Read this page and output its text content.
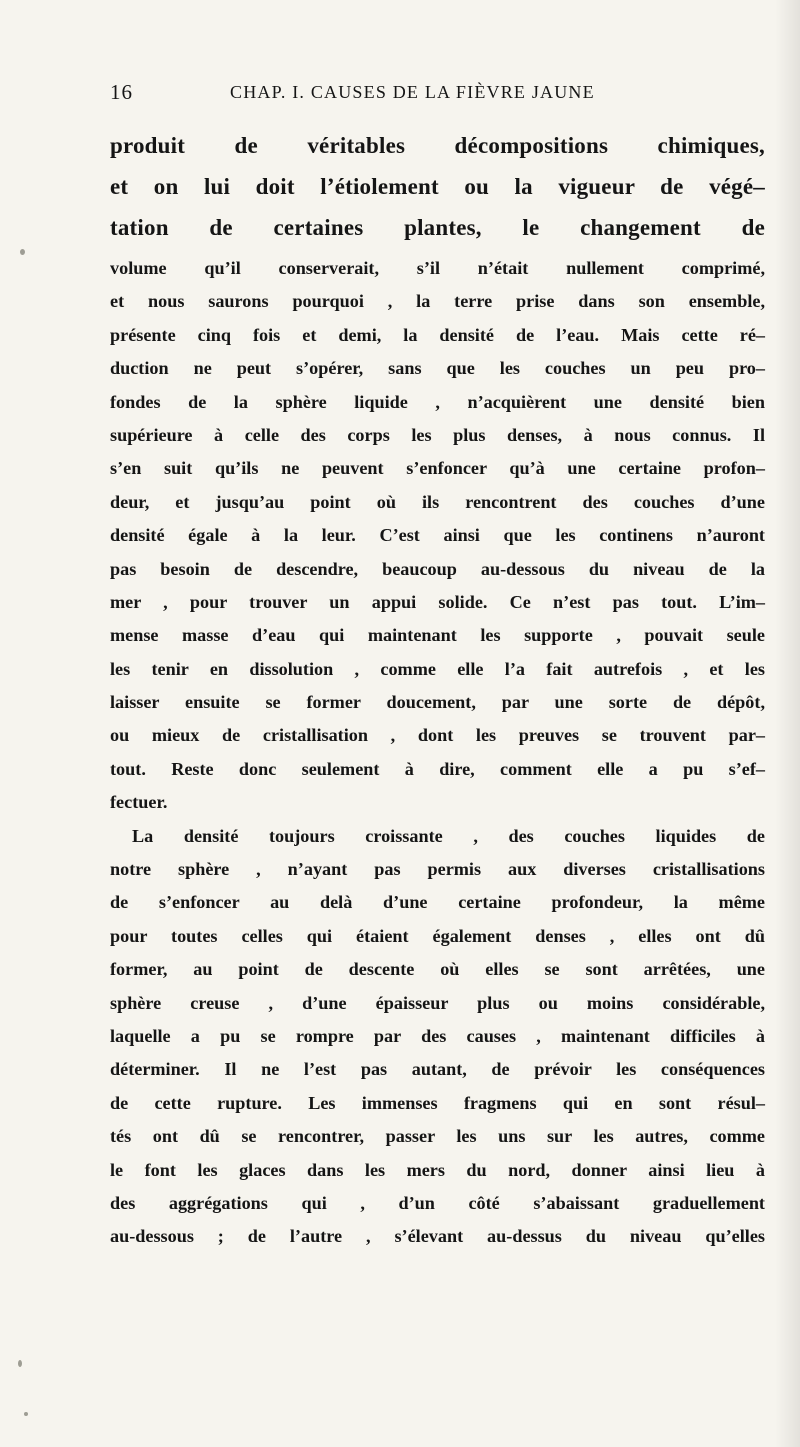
16	CHAP. I. CAUSES DE LA FIÈVRE JAUNE
produit de véritables décompositions chimiques,
et on lui doit l’étiolement ou la vigueur de végé–
tation de certaines plantes, le changement de
volume qu’il conserverait, s’il n’était nullement comprimé,
et nous saurons pourquoi , la terre prise dans son ensemble,
présente cinq fois et demi, la densité de l’eau. Mais cette ré–
duction ne peut s’opérer, sans que les couches un peu pro–
fondes de la sphère liquide , n’acquièrent une densité bien
supérieure à celle des corps les plus denses, à nous connus. Il
s’en suit qu’ils ne peuvent s’enfoncer qu’à une certaine profon–
deur, et jusqu’au point où ils rencontrent des couches d’une
densité égale à la leur. C’est ainsi que les continens n’auront
pas besoin de descendre, beaucoup au-dessous du niveau de la
mer , pour trouver un appui solide. Ce n’est pas tout. L’im–
mense masse d’eau qui maintenant les supporte , pouvait seule
les tenir en dissolution , comme elle l’a fait autrefois , et les
laisser ensuite se former doucement, par une sorte de dépôt,
ou mieux de cristallisation , dont les preuves se trouvent par–
tout. Reste donc seulement à dire, comment elle a pu s’ef–
fectuer.
La densité toujours croissante , des couches liquides de
notre sphère , n’ayant pas permis aux diverses cristallisations
de s’enfoncer au delà d’une certaine profondeur, la même
pour toutes celles qui étaient également denses , elles ont dû
former, au point de descente où elles se sont arrêtées, une
sphère creuse , d’une épaisseur plus ou moins considérable,
laquelle a pu se rompre par des causes , maintenant difficiles à
déterminer. Il ne l’est pas autant, de prévoir les conséquences
de cette rupture. Les immenses fragmens qui en sont résul–
tés ont dû se rencontrer, passer les uns sur les autres, comme
le font les glaces dans les mers du nord, donner ainsi lieu à
des aggrégations qui , d’un côté s’abaissant graduellement
au-dessous ; de l’autre , s’élevant au-dessus du niveau qu’elles
